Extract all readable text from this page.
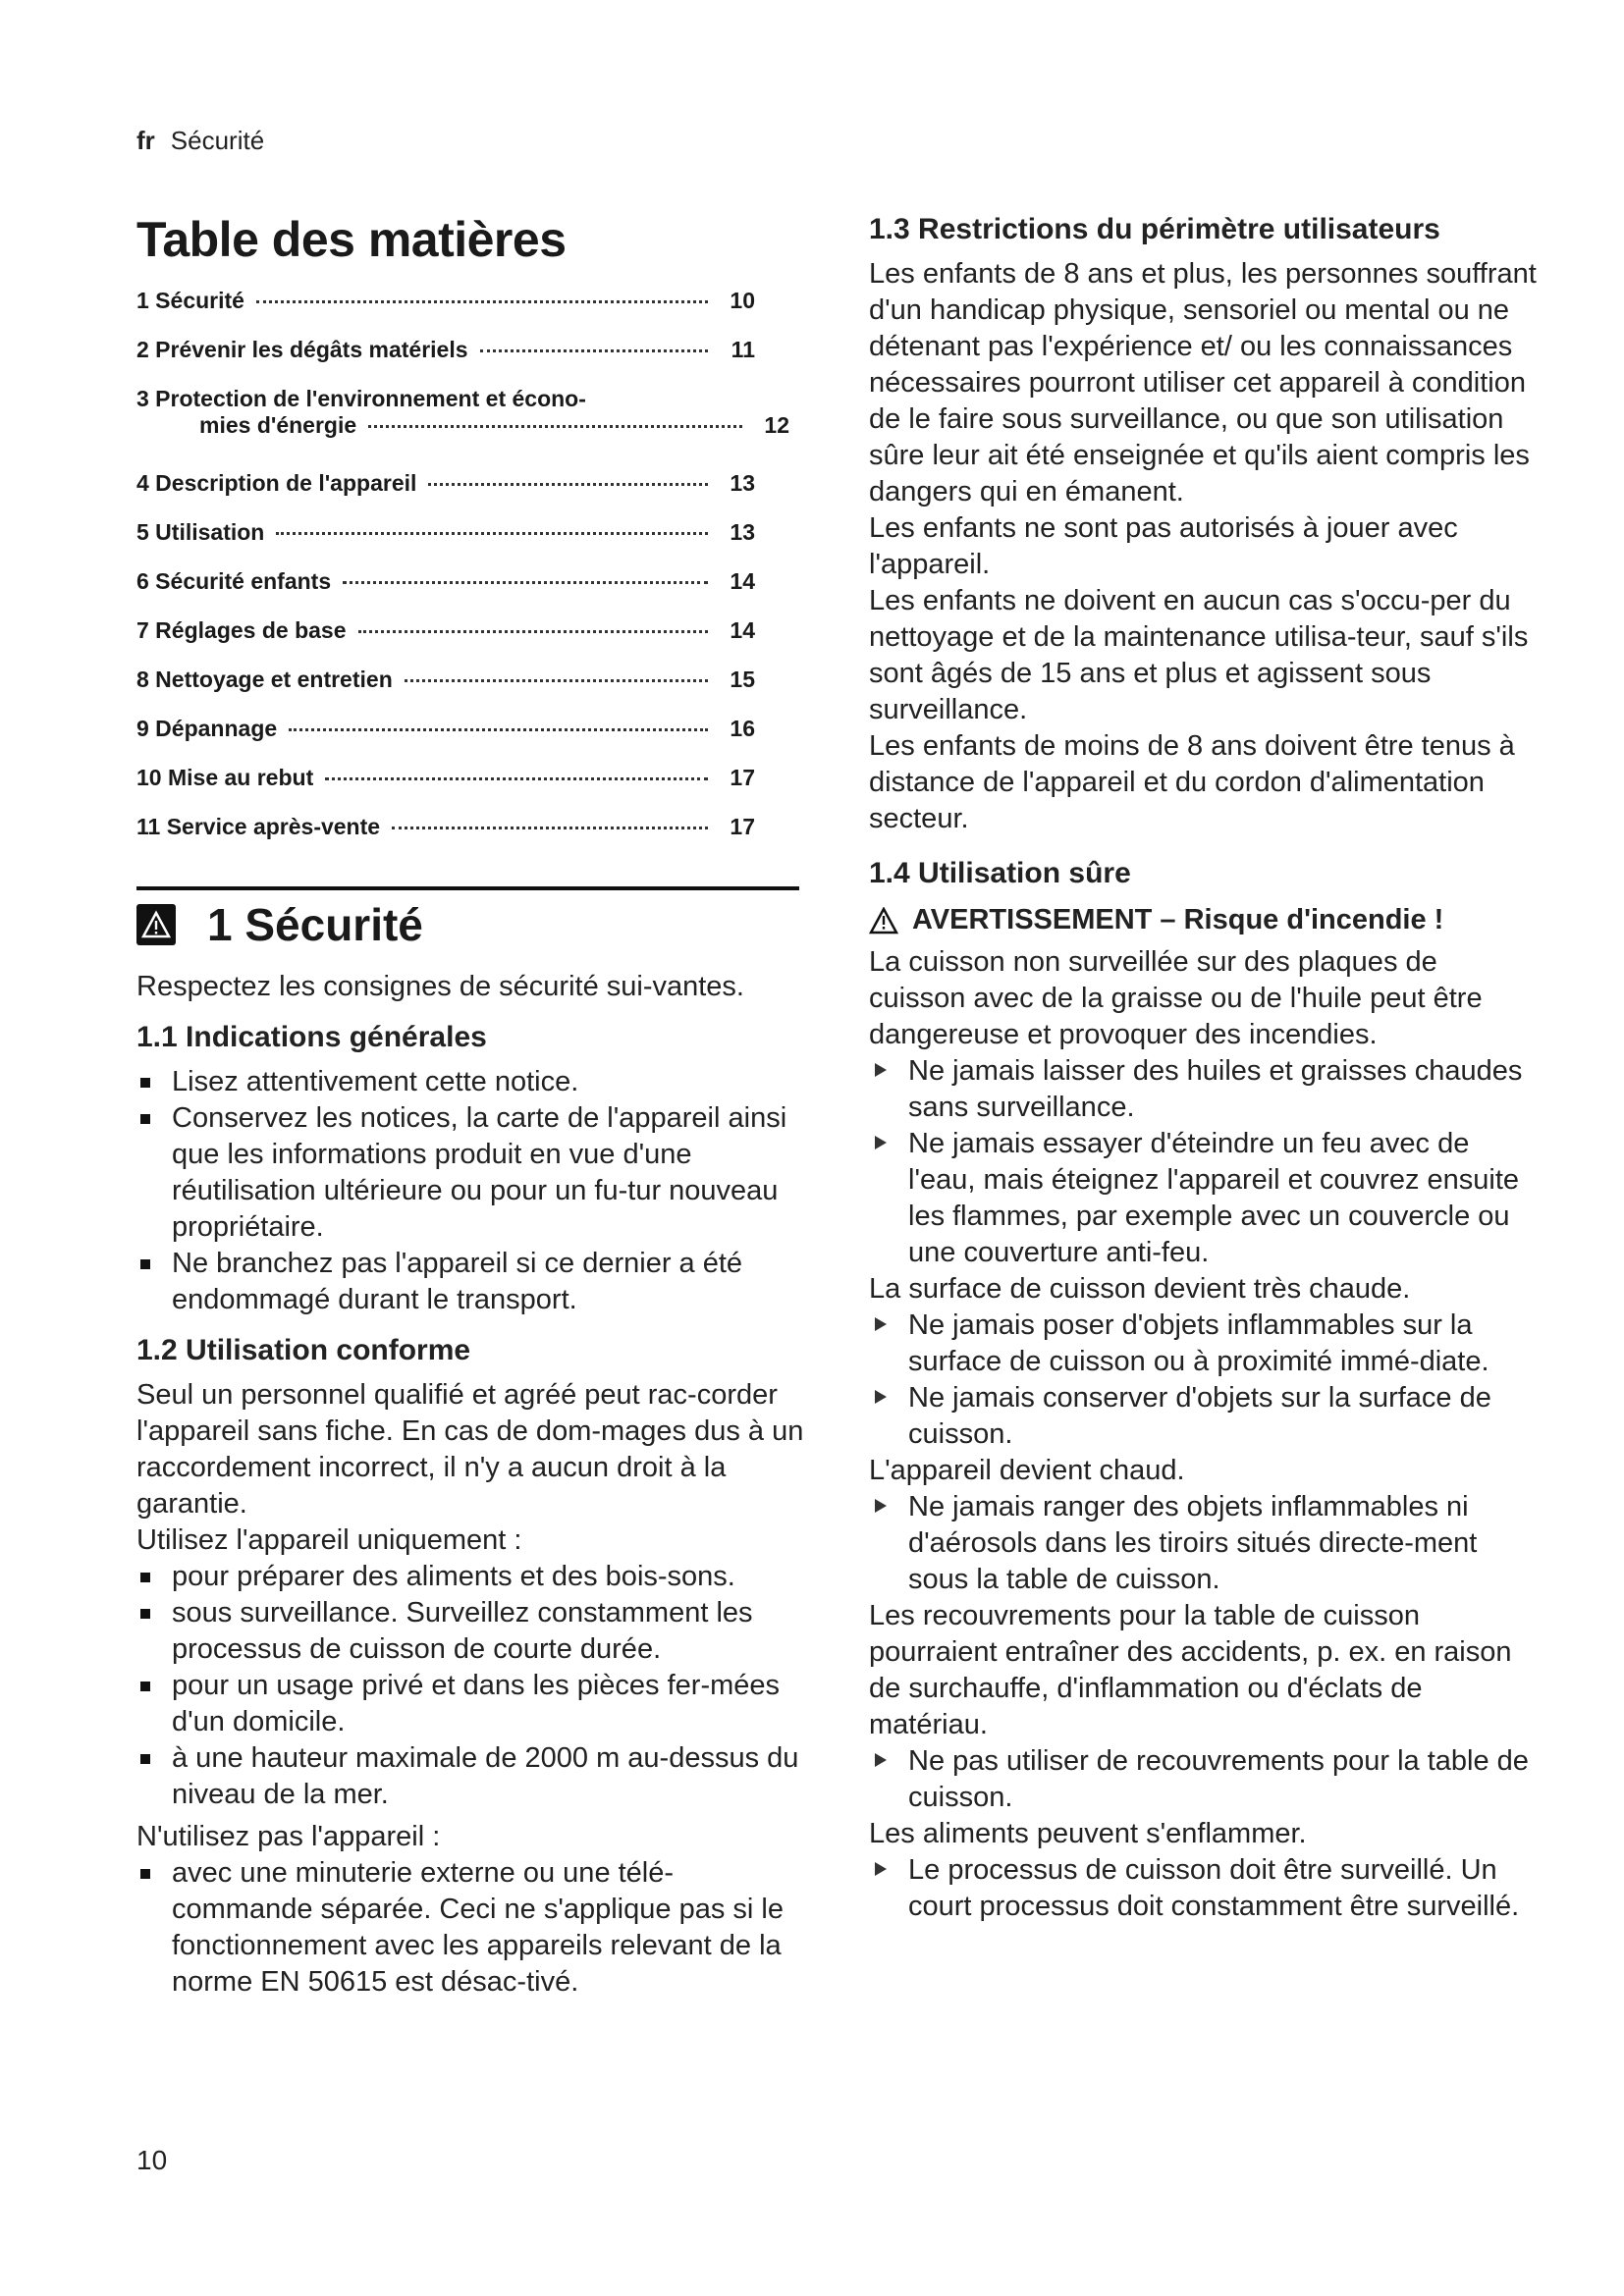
fr Sécurité
Table des matières
1 Sécurité	10
2 Prévenir les dégâts matériels	11
3 Protection de l'environnement et écono-
mies d'énergie	12
4 Description de l'appareil	13
5 Utilisation	13
6 Sécurité enfants	14
7 Réglages de base	14
8 Nettoyage et entretien	15
9 Dépannage	16
10 Mise au rebut	17
11 Service après-vente	17
1 Sécurité

Respectez les consignes de sécurité sui-vantes.

1.1 Indications générales

Lisez attentivement cette notice.

Conservez les notices, la carte de l'appareil ainsi que les informations produit en vue d'une réutilisation ultérieure ou pour un fu-tur nouveau propriétaire.

Ne branchez pas l'appareil si ce dernier a été endommagé durant le transport.

1.2 Utilisation conforme

Seul un personnel qualifié et agréé peut rac-corder l'appareil sans fiche. En cas de dom-mages dus à un raccordement incorrect, il n'y a aucun droit à la garantie.

Utilisez l'appareil uniquement :

pour préparer des aliments et des bois-sons.

sous surveillance. Surveillez constamment les processus de cuisson de courte durée.

pour un usage privé et dans les pièces fer-mées d'un domicile.

à une hauteur maximale de 2000 m au-dessus du niveau de la mer.

N'utilisez pas l'appareil :

avec une minuterie externe ou une télé-commande séparée. Ceci ne s'applique pas si le fonctionnement avec les appareils relevant de la norme EN 50615 est désac-tivé.

1.3 Restrictions du périmètre utilisateurs

Les enfants de 8 ans et plus, les personnes souffrant d'un handicap physique, sensoriel ou mental ou ne détenant pas l'expérience et/ ou les connaissances nécessaires pourront utiliser cet appareil à condition de le faire sous surveillance, ou que son utilisation sûre leur ait été enseignée et qu'ils aient compris les dangers qui en émanent.

Les enfants ne sont pas autorisés à jouer avec l'appareil.

Les enfants ne doivent en aucun cas s'occu-per du nettoyage et de la maintenance utilisa-teur, sauf s'ils sont âgés de 15 ans et plus et agissent sous surveillance.

Les enfants de moins de 8 ans doivent être tenus à distance de l'appareil et du cordon d'alimentation secteur.

1.4 Utilisation sûre
AVERTISSEMENT – Risque d'incendie !

La cuisson non surveillée sur des plaques de cuisson avec de la graisse ou de l'huile peut être dangereuse et provoquer des incendies.

Ne jamais laisser des huiles et graisses chaudes sans surveillance.

Ne jamais essayer d'éteindre un feu avec de l'eau, mais éteignez l'appareil et couvrez ensuite les flammes, par exemple avec un couvercle ou une couverture anti-feu.

La surface de cuisson devient très chaude.

Ne jamais poser d'objets inflammables sur la surface de cuisson ou à proximité immé-diate.

Ne jamais conserver d'objets sur la surface de cuisson.

L'appareil devient chaud.

Ne jamais ranger des objets inflammables ni d'aérosols dans les tiroirs situés directe-ment sous la table de cuisson.

Les recouvrements pour la table de cuisson pourraient entraîner des accidents, p. ex. en raison de surchauffe, d'inflammation ou d'éclats de matériau.

Ne pas utiliser de recouvrements pour la table de cuisson.

Les aliments peuvent s'enflammer.

Le processus de cuisson doit être surveillé. Un court processus doit constamment être surveillé.

10
